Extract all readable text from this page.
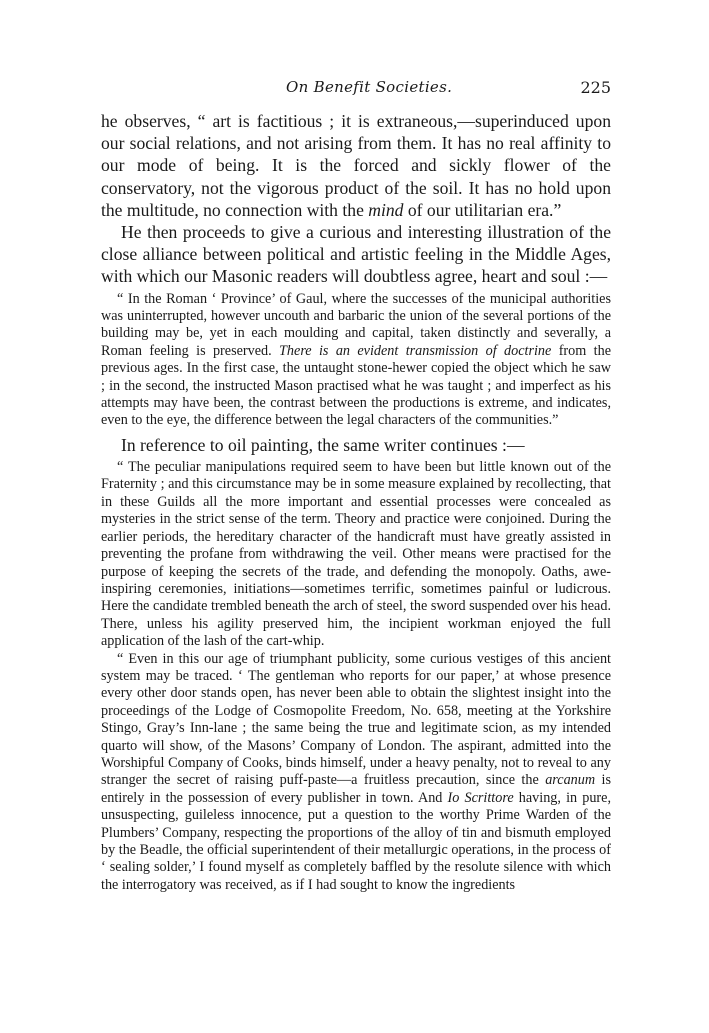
On Benefit Societies.	225

he observes, “ art is factitious ; it is extraneous,—superinduced upon our social relations, and not arising from them. It has no real affinity to our mode of being. It is the forced and sickly flower of the conservatory, not the vigorous product of the soil. It has no hold upon the multitude, no connection with the mind of our utilitarian era.”

He then proceeds to give a curious and interesting illustration of the close alliance between political and artistic feeling in the Middle Ages, with which our Masonic readers will doubtless agree, heart and soul :—

“ In the Roman ‘ Province’ of Gaul, where the successes of the municipal authorities was uninterrupted, however uncouth and barbaric the union of the several portions of the building may be, yet in each moulding and capital, taken distinctly and severally, a Roman feeling is preserved. There is an evident transmission of doctrine from the previous ages. In the first case, the untaught stone-hewer copied the object which he saw ; in the second, the instructed Mason practised what he was taught ; and imperfect as his attempts may have been, the contrast between the productions is extreme, and indicates, even to the eye, the difference between the legal characters of the communities.”

In reference to oil painting, the same writer continues :—

“ The peculiar manipulations required seem to have been but little known out of the Fraternity ; and this circumstance may be in some measure explained by recollecting, that in these Guilds all the more important and essential processes were concealed as mysteries in the strict sense of the term. Theory and practice were conjoined. During the earlier periods, the hereditary character of the handicraft must have greatly assisted in preventing the profane from withdrawing the veil. Other means were practised for the purpose of keeping the secrets of the trade, and defending the monopoly. Oaths, awe-inspiring ceremonies, initiations—sometimes terrific, sometimes painful or ludicrous. Here the candidate trembled beneath the arch of steel, the sword suspended over his head. There, unless his agility preserved him, the incipient workman enjoyed the full application of the lash of the cart-whip.

“ Even in this our age of triumphant publicity, some curious vestiges of this ancient system may be traced. ‘ The gentleman who reports for our paper,’ at whose presence every other door stands open, has never been able to obtain the slightest insight into the proceedings of the Lodge of Cosmopolite Freedom, No. 658, meeting at the Yorkshire Stingo, Gray’s Inn-lane ; the same being the true and legitimate scion, as my intended quarto will show, of the Masons’ Company of London. The aspirant, admitted into the Worshipful Company of Cooks, binds himself, under a heavy penalty, not to reveal to any stranger the secret of raising puff-paste—a fruitless precaution, since the arcanum is entirely in the possession of every publisher in town. And Io Scrittore having, in pure, unsuspecting, guileless innocence, put a question to the worthy Prime Warden of the Plumbers’ Company, respecting the proportions of the alloy of tin and bismuth employed by the Beadle, the official superintendent of their metallurgic operations, in the process of ‘ sealing solder,’ I found myself as completely baffled by the resolute silence with which the interrogatory was received, as if I had sought to know the ingredients
